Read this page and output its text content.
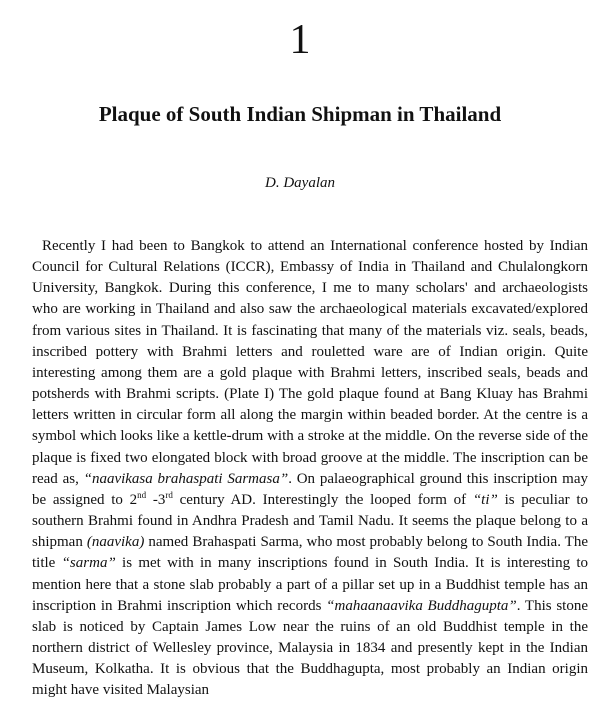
1
Plaque of South Indian Shipman in Thailand
D. Dayalan

Recently I had been to Bangkok to attend an International conference hosted by Indian Council for Cultural Relations (ICCR), Embassy of India in Thailand and Chulalongkorn University, Bangkok. During this conference, I me to many scholars' and archaeologists who are working in Thailand and also saw the archaeological materials excavated/explored from various sites in Thailand. It is fascinating that many of the materials viz. seals, beads, inscribed pottery with Brahmi letters and rouletted ware are of Indian origin. Quite interesting among them are a gold plaque with Brahmi letters, inscribed seals, beads and potsherds with Brahmi scripts. (Plate I) The gold plaque found at Bang Kluay has Brahmi letters written in circular form all along the margin within beaded border. At the centre is a symbol which looks like a kettle-drum with a stroke at the middle. On the reverse side of the plaque is fixed two elongated block with broad groove at the middle. The inscription can be read as, “naavikasa brahaspati Sarmasa”. On palaeographical ground this inscription may be assigned to 2nd -3rd century AD. Interestingly the looped form of “ti” is peculiar to southern Brahmi found in Andhra Pradesh and Tamil Nadu. It seems the plaque belong to a shipman (naavika) named Brahaspati Sarma, who most probably belong to South India. The title “sarma” is met with in many inscriptions found in South India. It is interesting to mention here that a stone slab probably a part of a pillar set up in a Buddhist temple has an inscription in Brahmi inscription which records “mahaanaavika Buddhagupta”. This stone slab is noticed by Captain James Low near the ruins of an old Buddhist temple in the northern district of Wellesley province, Malaysia in 1834 and presently kept in the Indian Museum, Kolkatha. It is obvious that the Buddhagupta, most probably an Indian origin might have visited Malaysian
